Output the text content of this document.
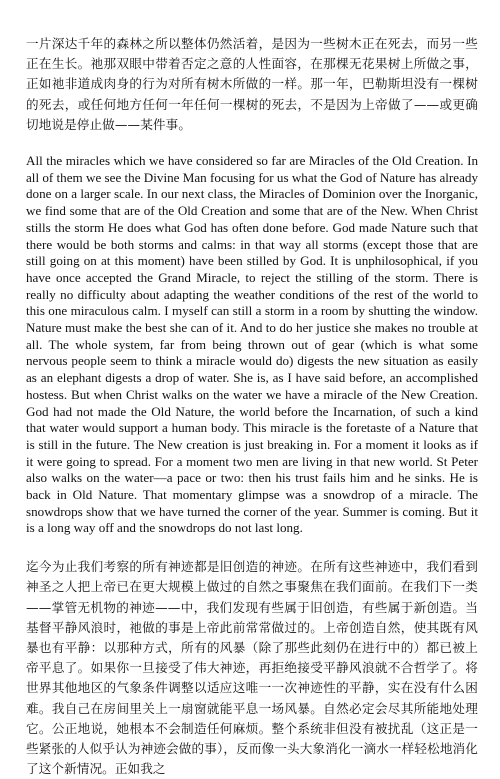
一片深达千年的森林之所以整体仍然活着，是因为一些树木正在死去，而另一些正在生长。祂那双眼中带着否定之意的人性面容，在那棵无花果树上所做之事，正如祂非道成肉身的行为对所有树木所做的一样。那一年，巴勒斯坦没有一棵树的死去，或任何地方任何一年任何一棵树的死去，不是因为上帝做了——或更确切地说是停止做——某件事。

All the miracles which we have considered so far are Miracles of the Old Creation. In all of them we see the Divine Man focusing for us what the God of Nature has already done on a larger scale. In our next class, the Miracles of Dominion over the Inorganic, we find some that are of the Old Creation and some that are of the New. When Christ stills the storm He does what God has often done before. God made Nature such that there would be both storms and calms: in that way all storms (except those that are still going on at this moment) have been stilled by God. It is unphilosophical, if you have once accepted the Grand Miracle, to reject the stilling of the storm. There is really no difficulty about adapting the weather conditions of the rest of the world to this one miraculous calm. I myself can still a storm in a room by shutting the window. Nature must make the best she can of it. And to do her justice she makes no trouble at all. The whole system, far from being thrown out of gear (which is what some nervous people seem to think a miracle would do) digests the new situation as easily as an elephant digests a drop of water. She is, as I have said before, an accomplished hostess. But when Christ walks on the water we have a miracle of the New Creation. God had not made the Old Nature, the world before the Incarnation, of such a kind that water would support a human body. This miracle is the foretaste of a Nature that is still in the future. The New creation is just breaking in. For a moment it looks as if it were going to spread. For a moment two men are living in that new world. St Peter also walks on the water—a pace or two: then his trust fails him and he sinks. He is back in Old Nature. That momentary glimpse was a snowdrop of a miracle. The snowdrops show that we have turned the corner of the year. Summer is coming. But it is a long way off and the snowdrops do not last long.

迄今为止我们考察的所有神迹都是旧创造的神迹。在所有这些神迹中，我们看到神圣之人把上帝已在更大规模上做过的自然之事聚焦在我们面前。在我们下一类——掌管无机物的神迹——中，我们发现有些属于旧创造，有些属于新创造。当基督平静风浪时，祂做的事是上帝此前常常做过的。上帝创造自然，使其既有风暴也有平静：以那种方式，所有的风暴（除了那些此刻仍在进行中的）都已被上帝平息了。如果你一旦接受了伟大神迹，再拒绝接受平静风浪就不合哲学了。将世界其他地区的气象条件调整以适应这唯一一次神迹性的平静，实在没有什么困难。我自己在房间里关上一扇窗就能平息一场风暴。自然必定会尽其所能地处理它。公正地说，她根本不会制造任何麻烦。整个系统非但没有被扰乱（这正是一些紧张的人似乎认为神迹会做的事），反而像一头大象消化一滴水一样轻松地消化了这个新情况。正如我之
